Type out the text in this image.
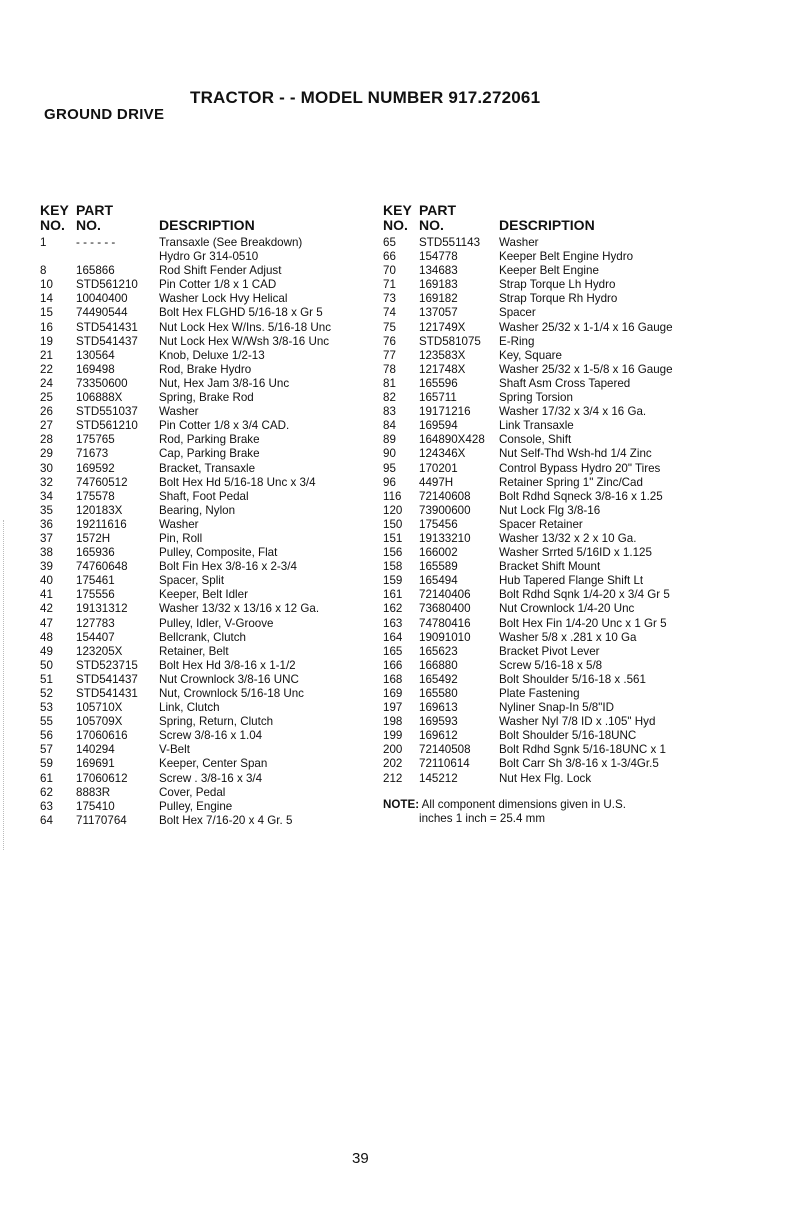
TRACTOR - - MODEL NUMBER 917.272061
GROUND DRIVE
KEY
NO.
PART
NO.	DESCRIPTION
1	- - - - - -	Transaxle (See Breakdown)
Hydro Gr 314-0510
8	165866	Rod Shift Fender Adjust
10 STD561210 Pin Cotter 1/8 x 1 CAD
14 10040400	Washer Lock Hvy Helical
15 74490544	Bolt Hex FLGHD 5/16-18 x Gr 5
16 STD541431 Nut Lock Hex W/Ins. 5/16-18 Unc
19 STD541437 Nut Lock Hex W/Wsh 3/8-16 Unc
21 130564	Knob, Deluxe 1/2-13
22 169498	Rod, Brake Hydro
24 73350600	Nut, Hex Jam 3/8-16 Unc
25 106888X	Spring, Brake Rod
26 STD551037 Washer
27 STD561210 Pin Cotter 1/8 x 3/4 CAD.
28 175765	Rod, Parking Brake
29 71673	Cap, Parking Brake
30 169592	Bracket, Transaxle
32 74760512	Bolt Hex Hd 5/16-18 Unc x 3/4
34 175578	Shaft, Foot Pedal
35 120183X	Bearing, Nylon
36 19211616	Washer
37 1572H	Pin, Roll
38 165936	Pulley, Composite, Flat
39 74760648	Bolt Fin Hex 3/8-16 x 2-3/4
40 175461	Spacer, Split
41 175556	Keeper, Belt Idler
42 19131312	Washer 13/32 x 13/16 x 12 Ga.
47 127783	Pulley, Idler, V-Groove
48 154407	Bellcrank, Clutch
49 123205X	Retainer, Belt
50 STD523715 Bolt Hex Hd 3/8-16 x 1-1/2
51 STD541437 Nut Crownlock 3/8-16 UNC
52 STD541431 Nut, Crownlock 5/16-18 Unc
53 105710X	Link, Clutch
55 105709X	Spring, Return, Clutch
56 17060616	Screw 3/8-16 x 1.04
57 140294	V-Belt
59 169691	Keeper, Center Span
61 17060612	Screw . 3/8-16 x 3/4
62 8883R	Cover, Pedal
63 175410	Pulley, Engine
64 71170764	Bolt Hex 7/16-20 x 4 Gr. 5
KEY
NO.
PART
NO.	DESCRIPTION
65 STD551143 Washer
66 154778	Keeper Belt Engine Hydro
70 134683	Keeper Belt Engine
71 169183	Strap Torque Lh Hydro
73 169182	Strap Torque Rh Hydro
74 137057	Spacer
75 121749X	Washer 25/32 x 1-1/4 x 16 Gauge
76 STD581075 E-Ring
77 123583X	Key, Square
78 121748X	Washer 25/32 x 1-5/8 x 16 Gauge
81 165596	Shaft Asm Cross Tapered
82 165711	Spring Torsion
83 19171216 Washer 17/32 x 3/4 x 16 Ga.
84 169594	Link Transaxle
89 164890X428 Console, Shift
90 124346X	Nut Self-Thd Wsh-hd 1/4 Zinc
95 170201	Control Bypass Hydro 20" Tires
96 4497H	Retainer Spring 1" Zinc/Cad
116 72140608 Bolt Rdhd Sqneck 3/8-16 x 1.25
120 73900600 Nut Lock Flg 3/8-16
150 175456	Spacer Retainer
151 19133210 Washer 13/32 x 2 x 10 Ga.
156 166002	Washer Srrted 5/16ID x 1.125
158 165589	Bracket Shift Mount
159 165494	Hub Tapered Flange Shift Lt
161 72140406 Bolt Rdhd Sqnk 1/4-20 x 3/4 Gr 5
162 73680400 Nut Crownlock 1/4-20 Unc
163 74780416 Bolt Hex Fin 1/4-20 Unc x 1 Gr 5
164 19091010 Washer 5/8 x .281 x 10 Ga
165 165623	Bracket Pivot Lever
166 166880	Screw 5/16-18 x 5/8
168 165492	Bolt Shoulder 5/16-18 x .561
169 165580	Plate Fastening
197 169613	Nyliner Snap-In 5/8"ID
198 169593	Washer Nyl 7/8 ID x .105" Hyd
199 169612	Bolt Shoulder 5/16-18UNC
200 72140508 Bolt Rdhd Sgnk 5/16-18UNC x 1
202 72110614	Bolt Carr Sh 3/8-16 x 1-3/4Gr.5
212 145212	Nut Hex Flg. Lock
NOTE: All component dimensions given in U.S.
inches 1 inch = 25.4 mm
39
